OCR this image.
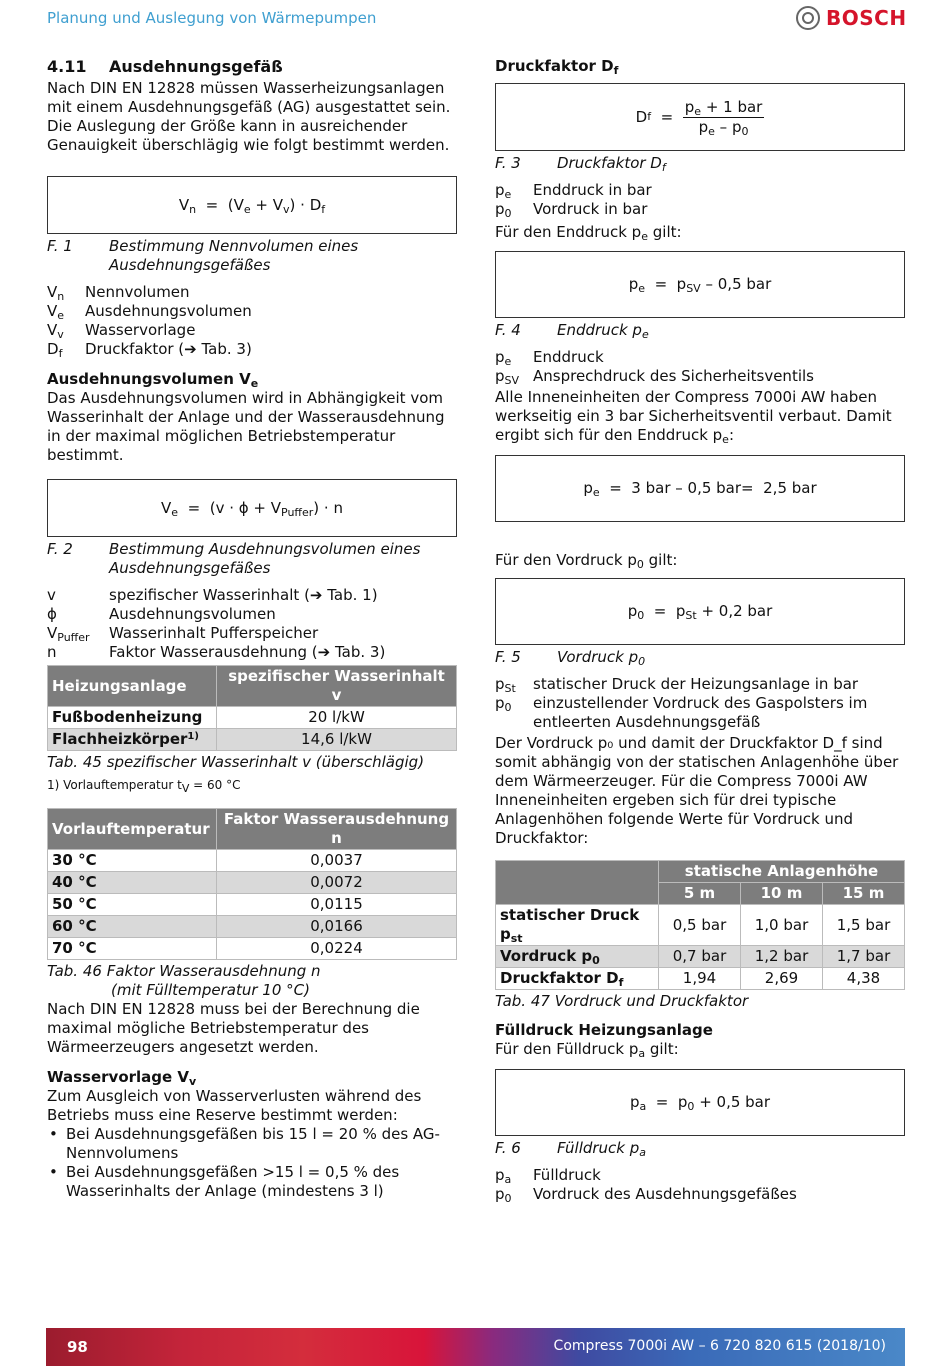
Planung und Auslegung von Wärmepumpen	BOSCH
4.11 Ausdehnungsgefäß

Nach DIN EN 12828 müssen Wasserheizungsanlagen mit einem Ausdehnungsgefäß (AG) ausgestattet sein. Die Auslegung der Größe kann in ausreichender Genauigkeit überschlägig wie folgt bestimmt werden.

$V_n = (V_e + V_v) \cdot D_f$
F. 1	Bestimmung Nennvolumen eines Ausdehnungsgefäßes
$V_n$	Nennvolumen
$V_e$	Ausdehnungsvolumen
$V_v$	Wasservorlage
$D_f$	Druckfaktor (➔ Tab. 3)
Ausdehnungsvolumen $V_e$

Das Ausdehnungsvolumen wird in Abhängigkeit vom Wasserinhalt der Anlage und der Wasserausdehnung in der maximal möglichen Betriebstemperatur bestimmt.

$V_e = (v \cdot \phi + V_{Puffer}) \cdot n$
F. 2	Bestimmung Ausdehnungsvolumen eines Ausdehnungsgefäßes
v	spezifischer Wasserinhalt (➔ Tab. 1)
ϕ	Ausdehnungsvolumen
$V_{Puffer}$	Wasserinhalt Pufferspeicher
n	Faktor Wasserausdehnung (➔ Tab. 3)
Heizungsanlage	spezifischer Wasserinhalt v
Fußbodenheizung	20 l/kW
Flachheizkörper$^{1)}$	14,6 l/kW
Tab. 45 spezifischer Wasserinhalt v (überschlägig)
1) Vorlauftemperatur $t_V = 60$ °C
Vorlauftemperatur	Faktor Wasserausdehnung n
30 °C	0,0037
40 °C	0,0072
50 °C	0,0115
60 °C	0,0166
70 °C	0,0224
Tab. 46 Faktor Wasserausdehnung n
(mit Fülltemperatur 10 °C)

Nach DIN EN 12828 muss bei der Berechnung die maximal mögliche Betriebstemperatur des Wärmeerzeugers angesetzt werden.

Wasservorlage $V_v$

Zum Ausgleich von Wasserverlusten während des Betriebs muss eine Reserve bestimmt werden:

• Bei Ausdehnungsgefäßen bis 15 l = 20 % des AG-Nennvolumens
• Bei Ausdehnungsgefäßen >15 l = 0,5 % des Wasserinhalts der Anlage (mindestens 3 l)
Druckfaktor $D_f$
D $f = \frac{p_e + 1 bar}{p_e - p_0}$
F. 3	Druckfaktor $D_f$
$p_e$	Enddruck in bar
$p_0$	Vordruck in bar

Für den Enddruck $p_e$ gilt:

$p_e = p_{SV} - 0,5$ bar
F. 4	Enddruck $p_e$
$p_e$	Enddruck
$p_{SV}$ Ansprechdruck des Sicherheitsventils

Alle Inneneinheiten der Compress 7000i AW haben werkseitig ein 3 bar Sicherheitsventil verbaut. Damit ergibt sich für den Enddruck $p_e$:

$p_e = 3$ bar – 0,5 bar=  2,5 bar

Für den Vordruck $p_0$ gilt:

$p_0 = p_{St} + 0,2$ bar
F. 5	Vordruck $p_0$
$p_{St}$	statischer Druck der Heizungsanlage in bar
$p_0$	einzustellender Vordruck des Gaspolsters im entleerten Ausdehnungsgefäß

Der Vordruck p₀ und damit der Druckfaktor D_f sind somit abhängig von der statischen Anlagenhöhe über dem Wärmeerzeuger. Für die Compress 7000i AW Inneneinheiten ergeben sich für drei typische Anlagenhöhen folgende Werte für Vordruck und Druckfaktor:

	statische Anlagenhöhe		
	5 m	10 m	15 m
statischer Druck $p_{st}$	0,5 bar	1,0 bar	1,5 bar
Vordruck $p_0$	0,7 bar	1,2 bar	1,7 bar
Druckfaktor $D_f$	1,94	2,69	4,38
Tab. 47 Vordruck und Druckfaktor
Fülldruck Heizungsanlage

Für den Fülldruck $p_a$ gilt:

$p_a = p_0 + 0,5$ bar
F. 6	Fülldruck $p_a$
$p_a$	Fülldruck
$p_0$	Vordruck des Ausdehnungsgefäßes
98	Compress 7000i AW – 6 720 820 615 (2018/10)
